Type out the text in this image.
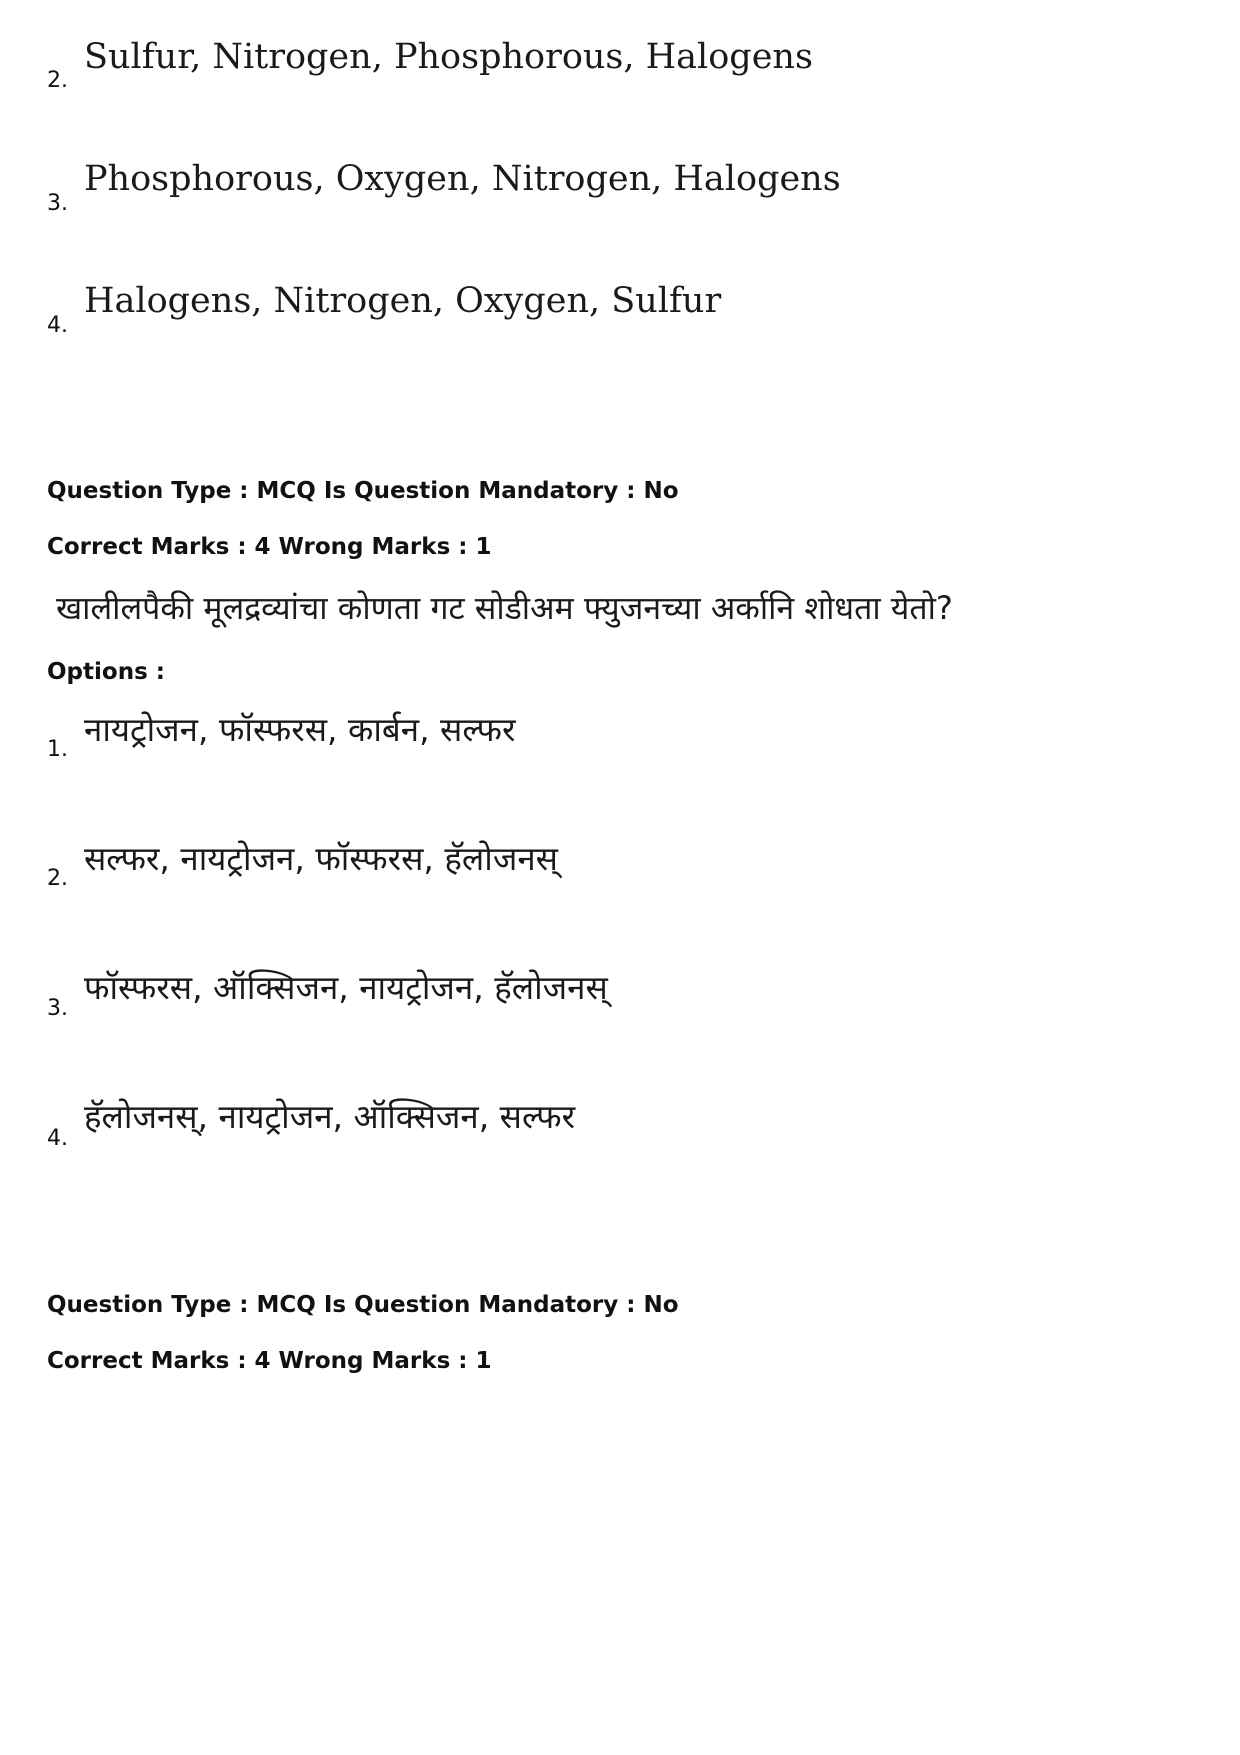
Sulfur, Nitrogen, Phosphorous, Halogens
2.
Phosphorous, Oxygen, Nitrogen, Halogens
3.
Halogens, Nitrogen, Oxygen, Sulfur
4.
Question Type : MCQ Is Question Mandatory : No
Correct Marks : 4 Wrong Marks : 1
खालीलपैकी मूलद्रव्यांचा कोणता गट सोडीअम फ्युजनच्या अर्कानि शोधता येतो?
Options :
नायट्रोजन, फॉस्फरस, कार्बन, सल्फर
1.
सल्फर, नायट्रोजन, फॉस्फरस, हॅलोजनस्
2.
फॉस्फरस, ऑक्सिजन, नायट्रोजन, हॅलोजनस्
3.
हॅलोजनस्, नायट्रोजन, ऑक्सिजन, सल्फर
4.
Question Type : MCQ Is Question Mandatory : No
Correct Marks : 4 Wrong Marks : 1
